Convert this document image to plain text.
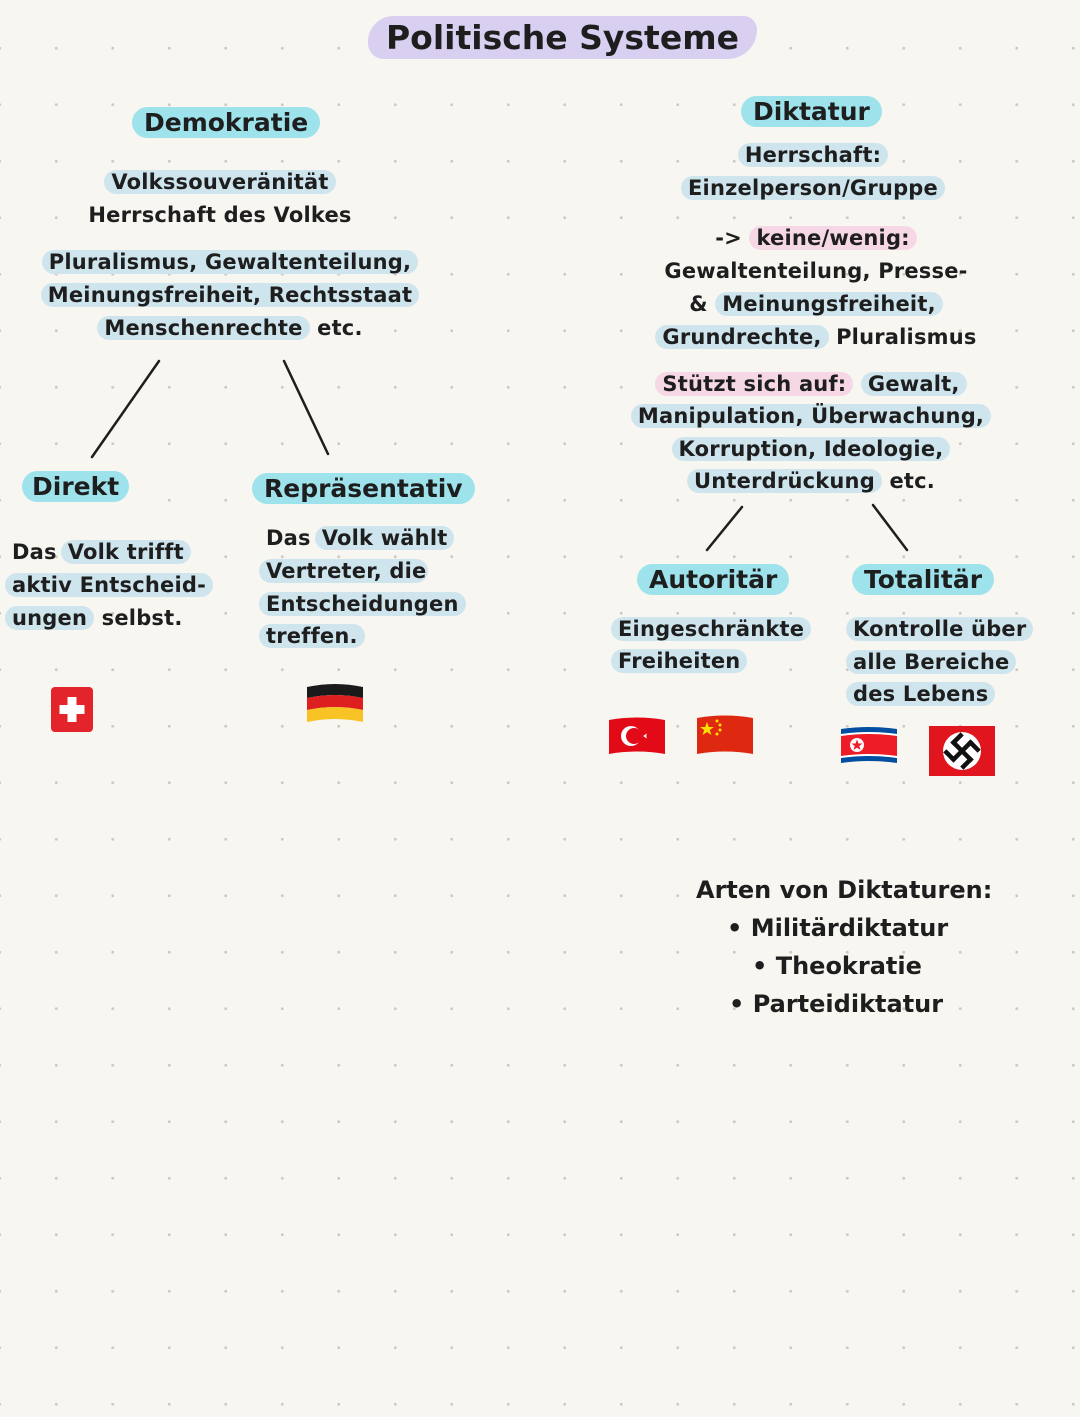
Politische Systeme
Demokratie
Volkssouveränität
Herrschaft des Volkes
Pluralismus, Gewaltenteilung,
Meinungsfreiheit, Rechtsstaat
Menschenrechte etc.
Direkt
Das Volk trifft
aktiv Entscheid-
ungen selbst.
Repräsentativ
Das Volk wählt
Vertreter, die
Entscheidungen
treffen.
Diktatur
Herrschaft:
Einzelperson/Gruppe
-> keine/wenig:
Gewaltenteilung, Presse-
& Meinungsfreiheit,
Grundrechte, Pluralismus
Stützt sich auf: Gewalt,
Manipulation, Überwachung,
Korruption, Ideologie,
Unterdrückung etc.
Autoritär
Eingeschränkte
Freiheiten
Totalitär
Kontrolle über
alle Bereiche
des Lebens
Arten von Diktaturen:
• Militärdiktatur
• Theokratie
• Parteidiktatur
